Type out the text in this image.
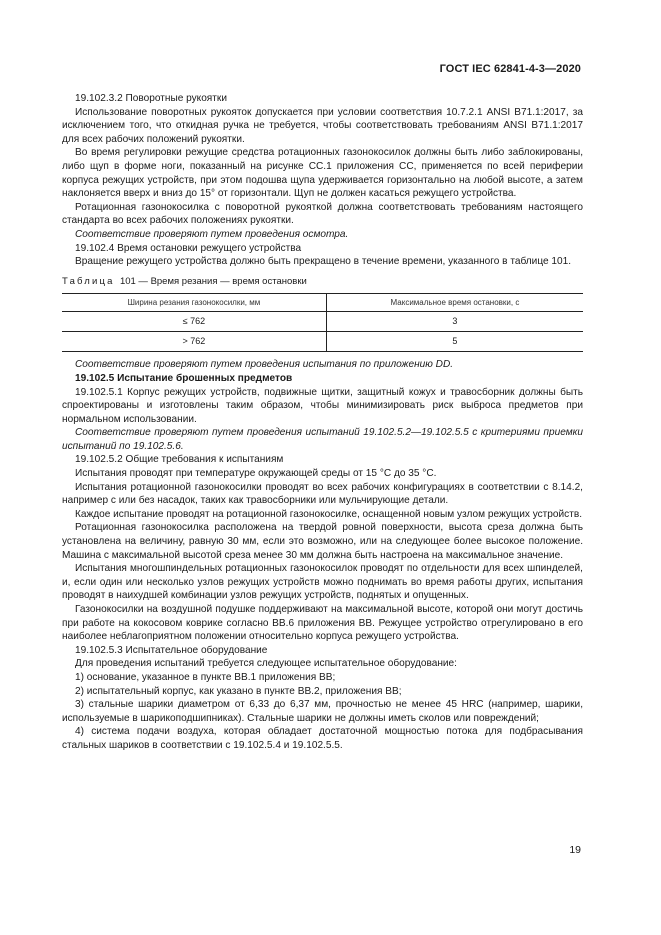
ГОСТ IEC 62841-4-3—2020

19.102.3.2 Поворотные рукоятки

Использование поворотных рукояток допускается при условии соответствия 10.7.2.1 ANSI B71.1:2017, за исключением того, что откидная ручка не требуется, чтобы соответствовать требованиям ANSI B71.1:2017 для всех рабочих положений рукоятки.

Во время регулировки режущие средства ротационных газонокосилок должны быть либо заблокированы, либо щуп в форме ноги, показанный на рисунке CC.1 приложения CC, применяется по всей периферии корпуса режущих устройств, при этом подошва щупа удерживается горизонтально на любой высоте, а затем наклоняется вверх и вниз до 15° от горизонтали. Щуп не должен касаться режущего устройства.

Ротационная газонокосилка с поворотной рукояткой должна соответствовать требованиям настоящего стандарта во всех рабочих положениях рукоятки.

Соответствие проверяют путем проведения осмотра.

19.102.4 Время остановки режущего устройства

Вращение режущего устройства должно быть прекращено в течение времени, указанного в таблице 101.

Таблица 101 — Время резания — время остановки

Ширина резания газонокосилки, мм	Максимальное время остановки, с
≤ 762	3
> 762	5

Соответствие проверяют путем проведения испытания по приложению DD.

19.102.5 Испытание брошенных предметов

19.102.5.1 Корпус режущих устройств, подвижные щитки, защитный кожух и травосборник должны быть спроектированы и изготовлены таким образом, чтобы минимизировать риск выброса предметов при нормальном использовании.

Соответствие проверяют путем проведения испытаний 19.102.5.2—19.102.5.5 с критериями приемки испытаний по 19.102.5.6.

19.102.5.2 Общие требования к испытаниям

Испытания проводят при температуре окружающей среды от 15 °C до 35 °C.

Испытания ротационной газонокосилки проводят во всех рабочих конфигурациях в соответствии с 8.14.2, например с или без насадок, таких как травосборники или мульчирующие детали.

Каждое испытание проводят на ротационной газонокосилке, оснащенной новым узлом режущих устройств.

Ротационная газонокосилка расположена на твердой ровной поверхности, высота среза должна быть установлена на величину, равную 30 мм, если это возможно, или на следующее более высокое положение. Машина с максимальной высотой среза менее 30 мм должна быть настроена на максимальное значение.

Испытания многошпиндельных ротационных газонокосилок проводят по отдельности для всех шпинделей, и, если один или несколько узлов режущих устройств можно поднимать во время работы других, испытания проводят в наихудшей комбинации узлов режущих устройств, поднятых и опущенных.

Газонокосилки на воздушной подушке поддерживают на максимальной высоте, которой они могут достичь при работе на кокосовом коврике согласно BB.6 приложения BB. Режущее устройство отрегулировано в его наиболее неблагоприятном положении относительно корпуса режущего устройства.

19.102.5.3 Испытательное оборудование

Для проведения испытаний требуется следующее испытательное оборудование:

1) основание, указанное в пункте BB.1 приложения BB;

2) испытательный корпус, как указано в пункте BB.2, приложения BB;

3) стальные шарики диаметром от 6,33 до 6,37 мм, прочностью не менее 45 HRC (например, шарики, используемые в шарикоподшипниках). Стальные шарики не должны иметь сколов или повреждений;

4) система подачи воздуха, которая обладает достаточной мощностью потока для подбрасывания стальных шариков в соответствии с 19.102.5.4 и 19.102.5.5.

19
